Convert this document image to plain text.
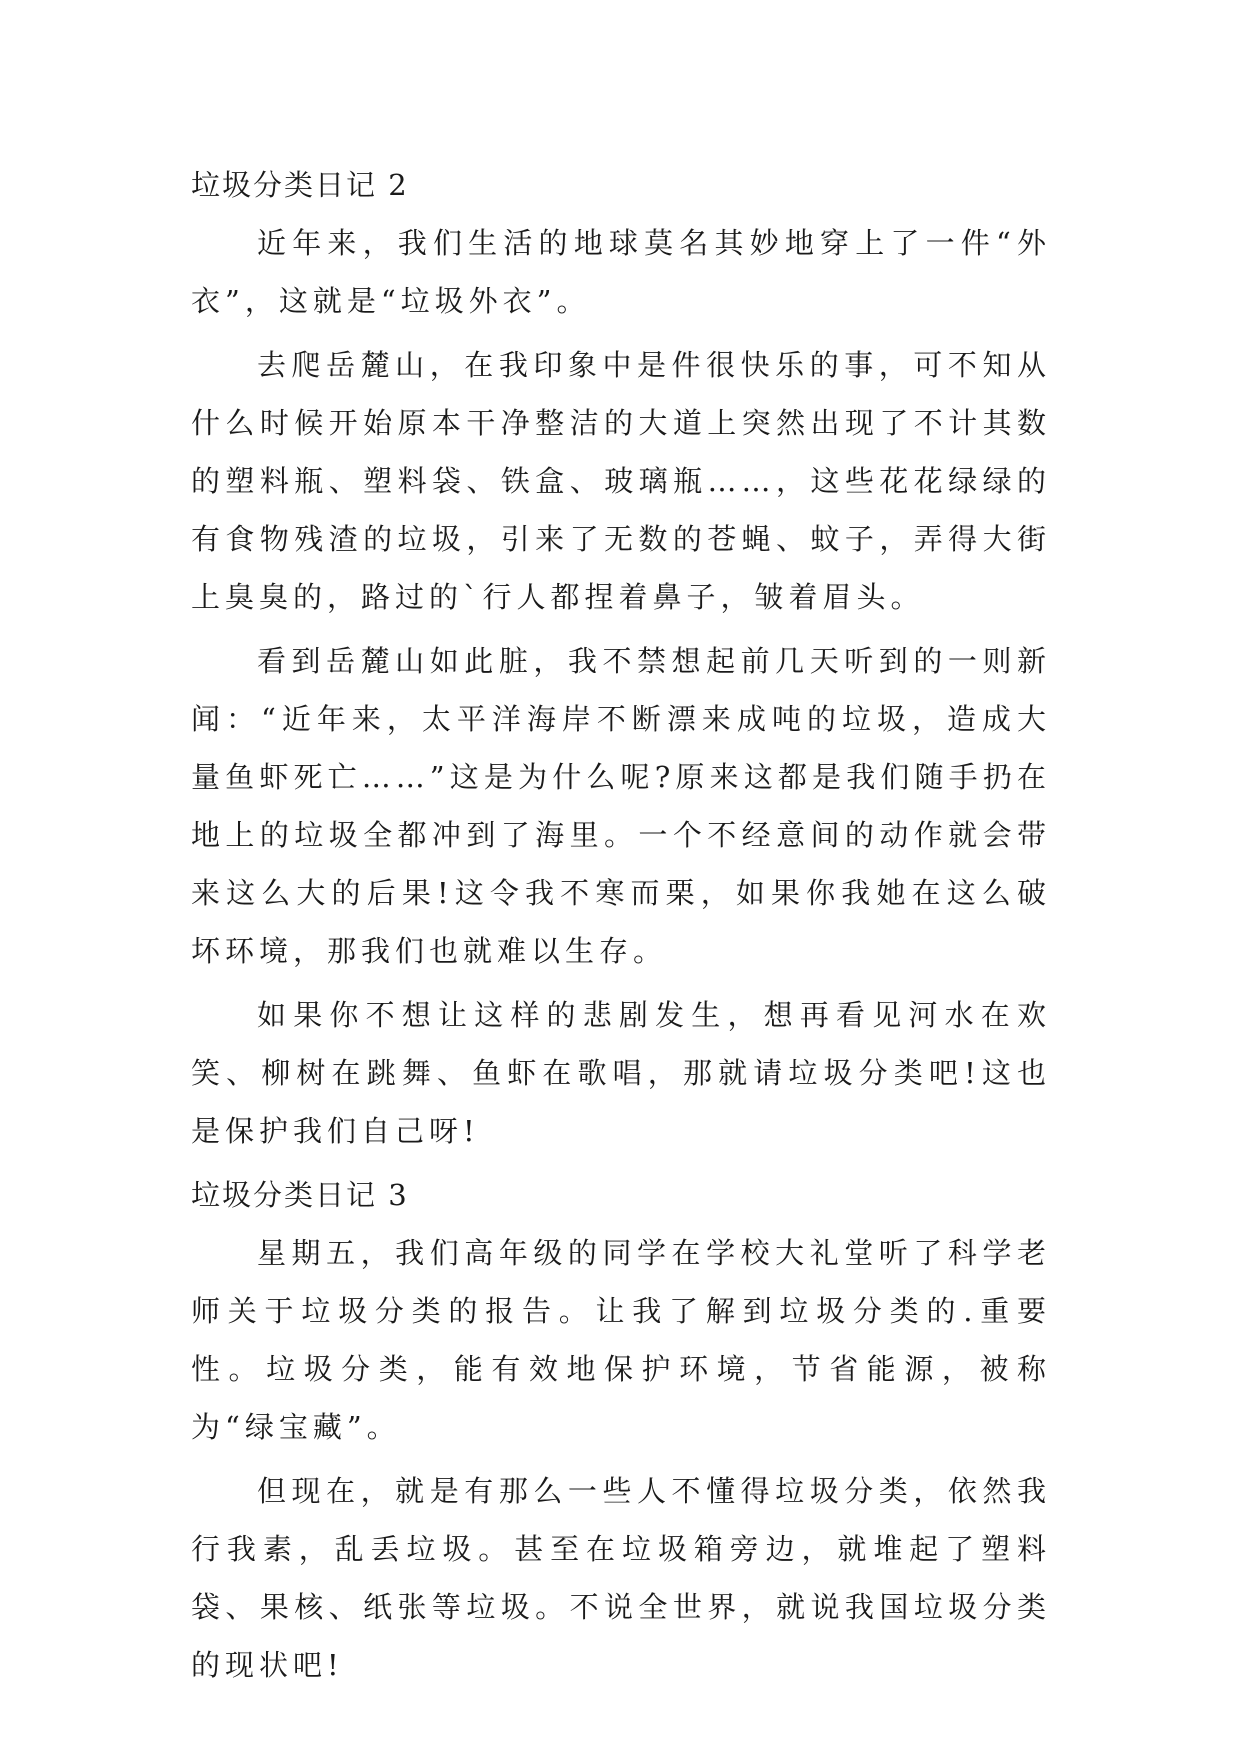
垃圾分类日记 2

近年来，我们生活的地球莫名其妙地穿上了一件“外衣”，这就是“垃圾外衣”。

去爬岳麓山，在我印象中是件很快乐的事，可不知从什么时候开始原本干净整洁的大道上突然出现了不计其数的塑料瓶、塑料袋、铁盒、玻璃瓶……，这些花花绿绿的有食物残渣的垃圾，引来了无数的苍蝇、蚊子，弄得大街上臭臭的，路过的`行人都捏着鼻子，皱着眉头。

看到岳麓山如此脏，我不禁想起前几天听到的一则新闻：“近年来，太平洋海岸不断漂来成吨的垃圾，造成大量鱼虾死亡……”这是为什么呢?原来这都是我们随手扔在地上的垃圾全都冲到了海里。一个不经意间的动作就会带来这么大的后果!这令我不寒而栗，如果你我她在这么破坏环境，那我们也就难以生存。

如果你不想让这样的悲剧发生，想再看见河水在欢笑、柳树在跳舞、鱼虾在歌唱，那就请垃圾分类吧!这也是保护我们自己呀!

垃圾分类日记 3

星期五，我们高年级的同学在学校大礼堂听了科学老师关于垃圾分类的报告。让我了解到垃圾分类的.重要性。垃圾分类，能有效地保护环境，节省能源，被称为“绿宝藏”。

但现在，就是有那么一些人不懂得垃圾分类，依然我行我素，乱丢垃圾。甚至在垃圾箱旁边，就堆起了塑料袋、果核、纸张等垃圾。不说全世界，就说我国垃圾分类的现状吧!
